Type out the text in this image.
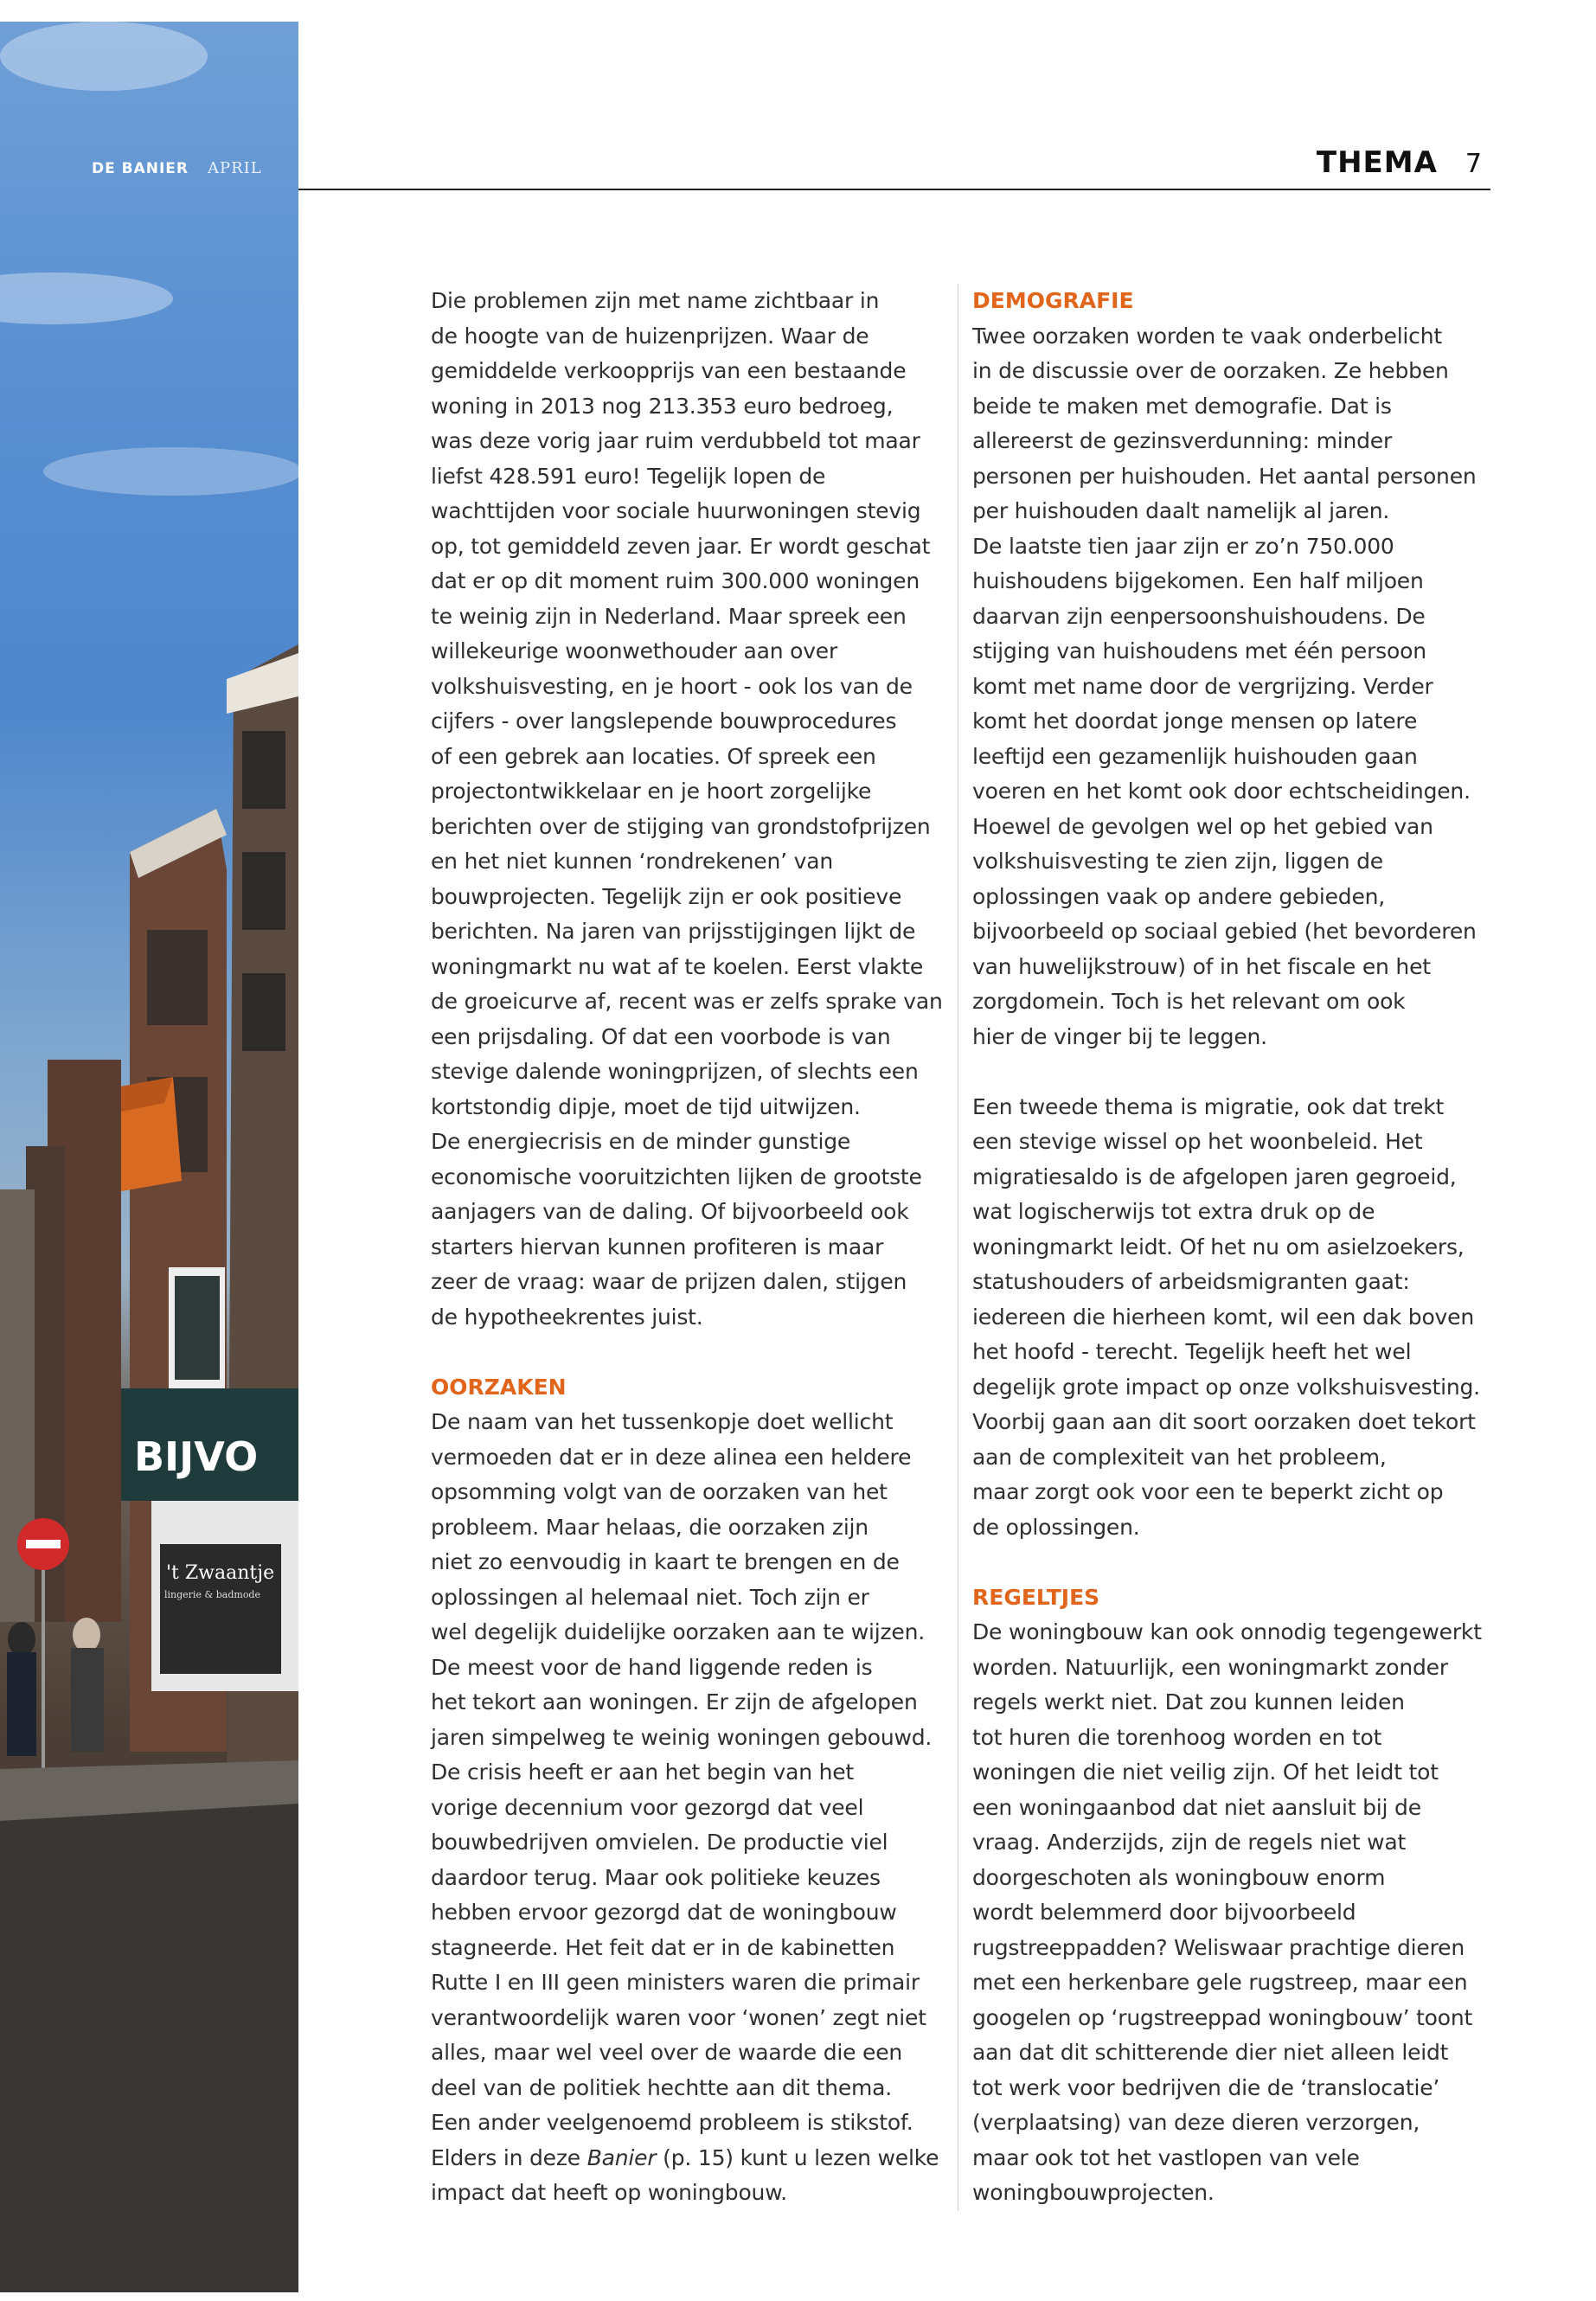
BIJVO
't Zwaantje
lingerie & badmode
DE BANIER APRIL	THEMA 7

Die problemen zijn met name zichtbaar in
de hoogte van de huizenprijzen. Waar de
gemiddelde verkoopprijs van een bestaande
woning in 2013 nog 213.353 euro bedroeg,
was deze vorig jaar ruim verdubbeld tot maar
liefst 428.591 euro! Tegelijk lopen de
wachttijden voor sociale huurwoningen stevig
op, tot gemiddeld zeven jaar. Er wordt geschat
dat er op dit moment ruim 300.000 woningen
te weinig zijn in Nederland. Maar spreek een
willekeurige woonwethouder aan over
volkshuisvesting, en je hoort - ook los van de
cijfers - over langslepende bouwprocedures
of een gebrek aan locaties. Of spreek een
projectontwikkelaar en je hoort zorgelijke
berichten over de stijging van grondstofprijzen
en het niet kunnen ‘rondrekenen’ van
bouwprojecten. Tegelijk zijn er ook positieve
berichten. Na jaren van prijsstijgingen lijkt de
woningmarkt nu wat af te koelen. Eerst vlakte
de groeicurve af, recent was er zelfs sprake van
een prijsdaling. Of dat een voorbode is van
stevige dalende woningprijzen, of slechts een
kortstondig dipje, moet de tijd uitwijzen.
De energiecrisis en de minder gunstige
economische vooruitzichten lijken de grootste
aanjagers van de daling. Of bijvoorbeeld ook
starters hiervan kunnen profiteren is maar
zeer de vraag: waar de prijzen dalen, stijgen
de hypotheekrentes juist.

OORZAKEN

De naam van het tussenkopje doet wellicht
vermoeden dat er in deze alinea een heldere
opsomming volgt van de oorzaken van het
probleem. Maar helaas, die oorzaken zijn
niet zo eenvoudig in kaart te brengen en de
oplossingen al helemaal niet. Toch zijn er
wel degelijk duidelijke oorzaken aan te wijzen.
De meest voor de hand liggende reden is
het tekort aan woningen. Er zijn de afgelopen
jaren simpelweg te weinig woningen gebouwd.
De crisis heeft er aan het begin van het
vorige decennium voor gezorgd dat veel
bouwbedrijven omvielen. De productie viel
daardoor terug. Maar ook politieke keuzes
hebben ervoor gezorgd dat de woningbouw
stagneerde. Het feit dat er in de kabinetten
Rutte I en III geen ministers waren die primair
verantwoordelijk waren voor ‘wonen’ zegt niet
alles, maar wel veel over de waarde die een
deel van de politiek hechtte aan dit thema.
Een ander veelgenoemd probleem is stikstof.

Elders in deze Banier (p. 15) kunt u lezen welke
impact dat heeft op woningbouw.

DEMOGRAFIE

Twee oorzaken worden te vaak onderbelicht
in de discussie over de oorzaken. Ze hebben
beide te maken met demografie. Dat is
allereerst de gezinsverdunning: minder
personen per huishouden. Het aantal personen
per huishouden daalt namelijk al jaren.
De laatste tien jaar zijn er zo’n 750.000
huishoudens bijgekomen. Een half miljoen
daarvan zijn eenpersoonshuishoudens. De
stijging van huishoudens met één persoon
komt met name door de vergrijzing. Verder
komt het doordat jonge mensen op latere
leeftijd een gezamenlijk huishouden gaan
voeren en het komt ook door echtscheidingen.
Hoewel de gevolgen wel op het gebied van
volkshuisvesting te zien zijn, liggen de
oplossingen vaak op andere gebieden,
bijvoorbeeld op sociaal gebied (het bevorderen
van huwelijkstrouw) of in het fiscale en het
zorgdomein. Toch is het relevant om ook
hier de vinger bij te leggen.

Een tweede thema is migratie, ook dat trekt
een stevige wissel op het woonbeleid. Het
migratiesaldo is de afgelopen jaren gegroeid,
wat logischerwijs tot extra druk op de
woningmarkt leidt. Of het nu om asielzoekers,
statushouders of arbeidsmigranten gaat:
iedereen die hierheen komt, wil een dak boven
het hoofd - terecht. Tegelijk heeft het wel
degelijk grote impact op onze volkshuisvesting.
Voorbij gaan aan dit soort oorzaken doet tekort
aan de complexiteit van het probleem,
maar zorgt ook voor een te beperkt zicht op
de oplossingen.

REGELTJES

De woningbouw kan ook onnodig tegengewerkt
worden. Natuurlijk, een woningmarkt zonder
regels werkt niet. Dat zou kunnen leiden
tot huren die torenhoog worden en tot
woningen die niet veilig zijn. Of het leidt tot
een woningaanbod dat niet aansluit bij de
vraag. Anderzijds, zijn de regels niet wat
doorgeschoten als woningbouw enorm
wordt belemmerd door bijvoorbeeld
rugstreeppadden? Weliswaar prachtige dieren
met een herkenbare gele rugstreep, maar een
googelen op ‘rugstreeppad woningbouw’ toont
aan dat dit schitterende dier niet alleen leidt
tot werk voor bedrijven die de ‘translocatie’
(verplaatsing) van deze dieren verzorgen,
maar ook tot het vastlopen van vele
woningbouwprojecten.
